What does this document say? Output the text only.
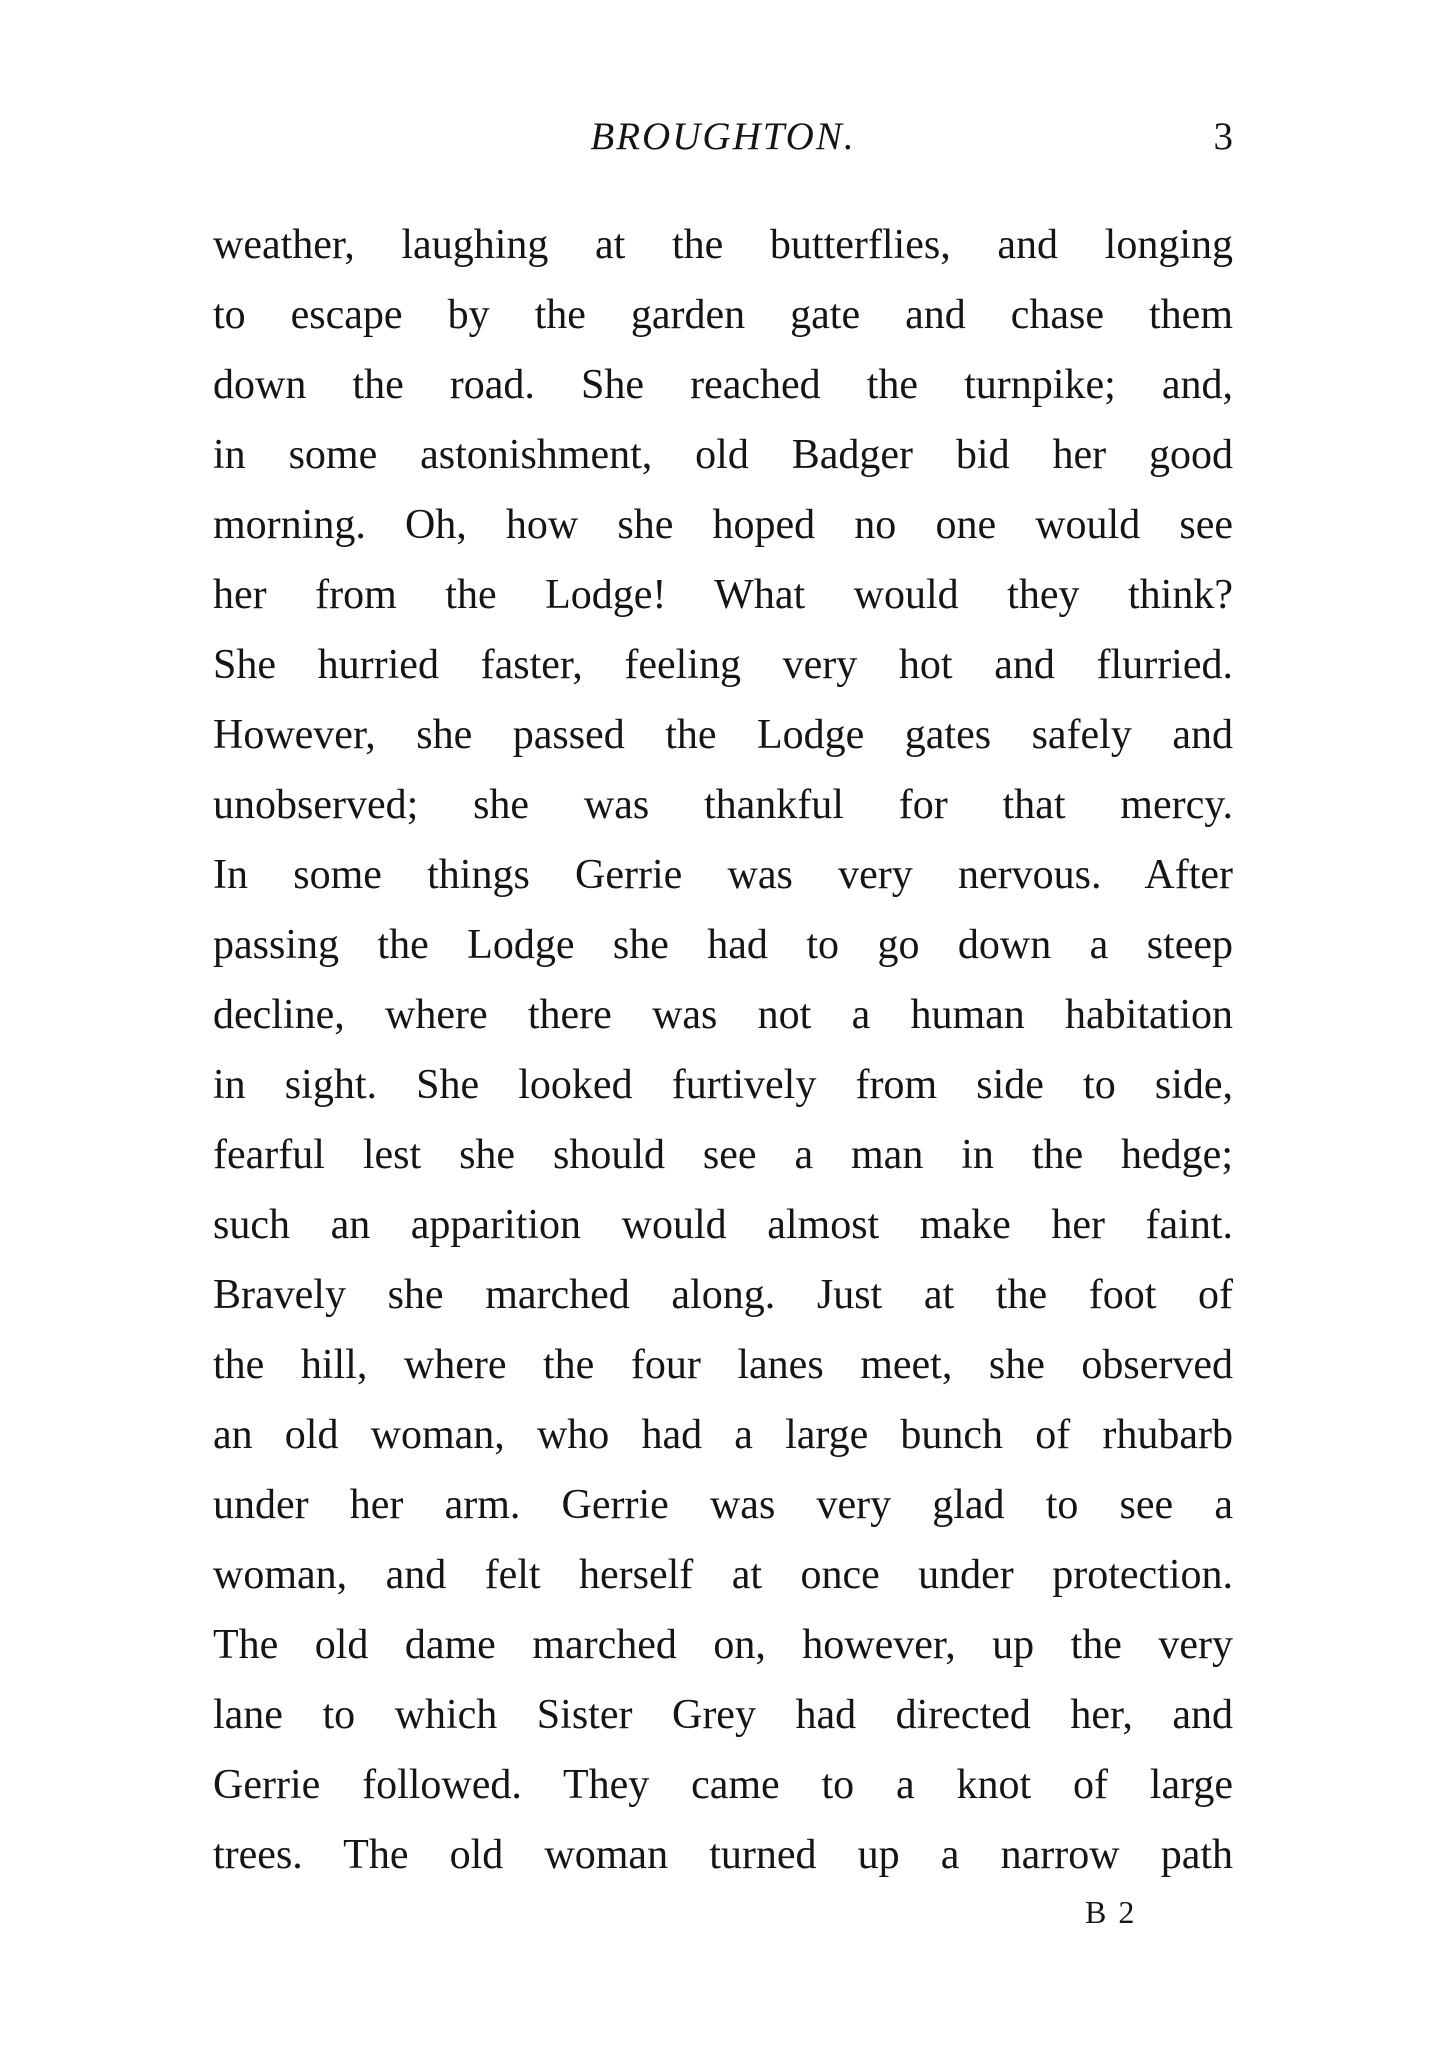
BROUGHTON.	3
weather, laughing at the butterflies, and longing
to escape by the garden gate and chase them
down the road. She reached the turnpike; and,
in some astonishment, old Badger bid her good
morning. Oh, how she hoped no one would see
her from the Lodge! What would they think?
She hurried faster, feeling very hot and flurried.
However, she passed the Lodge gates safely and
unobserved; she was thankful for that mercy.
In some things Gerrie was very nervous. After
passing the Lodge she had to go down a steep
decline, where there was not a human habitation
in sight. She looked furtively from side to side,
fearful lest she should see a man in the hedge;
such an apparition would almost make her faint.
Bravely she marched along. Just at the foot of
the hill, where the four lanes meet, she observed
an old woman, who had a large bunch of rhubarb
under her arm. Gerrie was very glad to see a
woman, and felt herself at once under protection.
The old dame marched on, however, up the very
lane to which Sister Grey had directed her, and
Gerrie followed. They came to a knot of large
trees. The old woman turned up a narrow path
B 2
